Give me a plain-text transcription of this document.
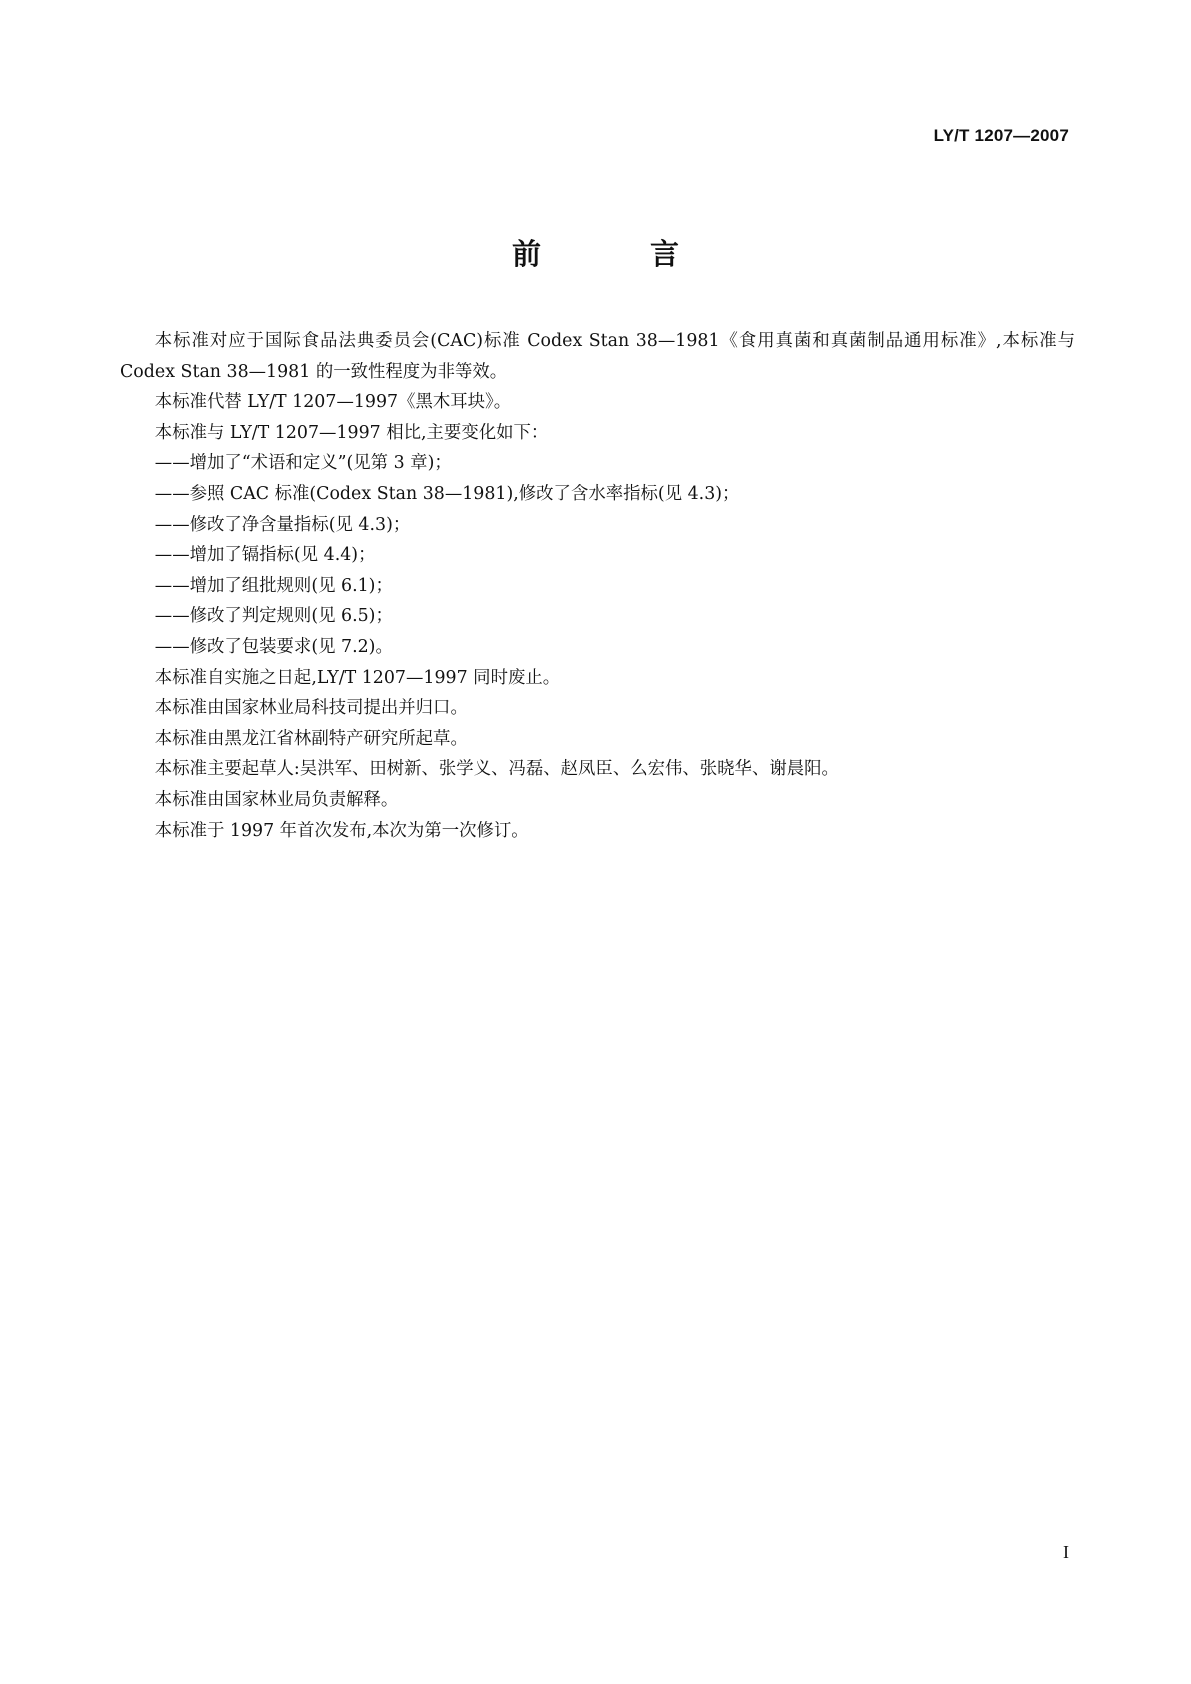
LY/T 1207—2007
前　言

本标准对应于国际食品法典委员会(CAC)标准 Codex Stan 38—1981《食用真菌和真菌制品通用标准》,本标准与 Codex Stan 38—1981 的一致性程度为非等效。

本标准代替 LY/T 1207—1997《黑木耳块》。

本标准与 LY/T 1207—1997 相比,主要变化如下：

——增加了“术语和定义”(见第 3 章)；

——参照 CAC 标准(Codex Stan 38—1981),修改了含水率指标(见 4.3)；

——修改了净含量指标(见 4.3)；

——增加了镉指标(见 4.4)；

——增加了组批规则(见 6.1)；

——修改了判定规则(见 6.5)；

——修改了包装要求(见 7.2)。

本标准自实施之日起,LY/T 1207—1997 同时废止。

本标准由国家林业局科技司提出并归口。

本标准由黑龙江省林副特产研究所起草。

本标准主要起草人:吴洪军、田树新、张学义、冯磊、赵凤臣、么宏伟、张晓华、谢晨阳。

本标准由国家林业局负责解释。

本标准于 1997 年首次发布,本次为第一次修订。

I
